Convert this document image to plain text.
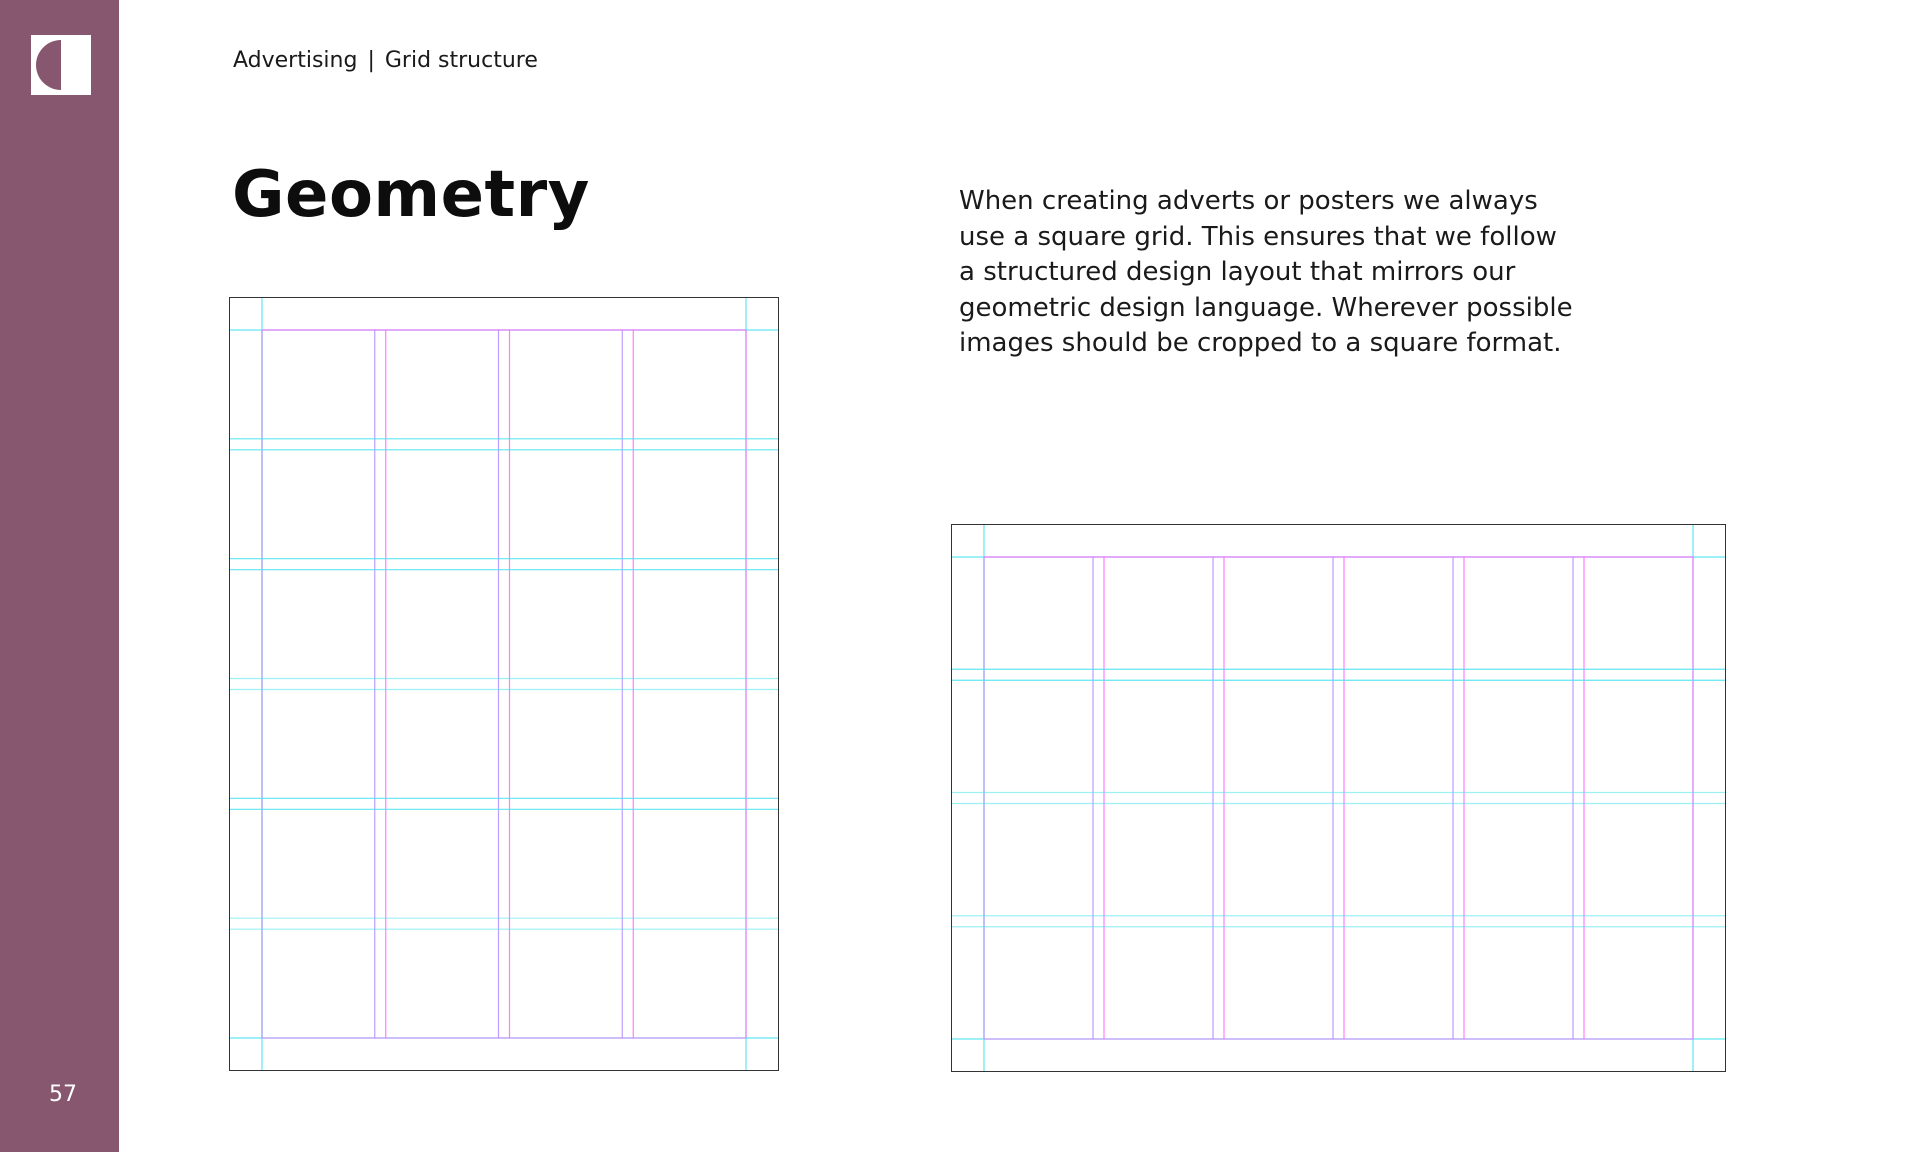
57
Advertising | Grid structure
Geometry	When creating adverts or posters we always use a square grid. This ensures that we follow a structured design layout that mirrors our geometric design language. Wherever possible images should be cropped to a square format.
